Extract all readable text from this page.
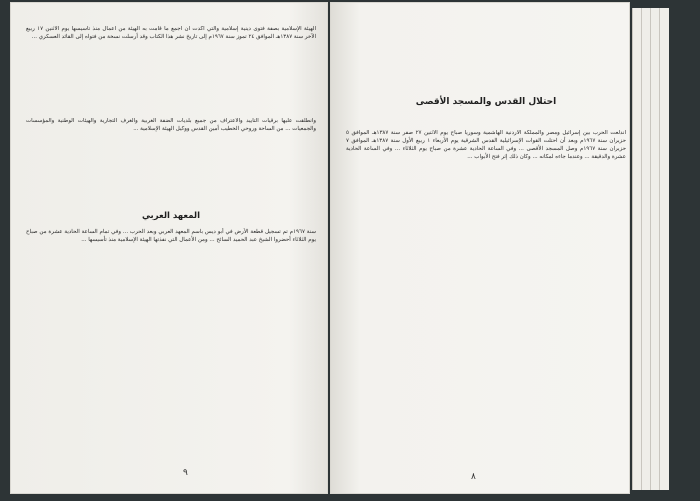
الهيئة الإسلامية بصفة فتوى دينية إسلامية والتي أكدت أن أجمع ما قامت به الهيئة من أعمال منذ تأسيسها يوم الأثنين ١٧ ربيع الآخر سنة ١٣٨٧هـ الموافق ٢٤ تموز سنة ١٩٦٧م إلى تاريخ نشر هذا الكتاب وقد أرسلت نسخة من فتواه إلى القائد العسكري ...

وانطلقت عليها برقيات التأييد والاعتراف من جميع بلديات الضفة الغربية والغرف التجارية والهيئات الوطنية والمؤسسات والجمعيات ... من الساحة وروحي الخطيب أمين القدس ووكيل الهيئة الإسلامية ...

المعهد العربي

سنة ١٩٦٧م تم تسجيل قطعة الأرض في أبو ديس باسم المعهد العربي وبعد الحرب ... وفي تمام الساعة الحادية عشرة من صباح يوم الثلاثاء أحضروا الشيخ عبد الحميد السائح ... ومن الأعمال التي نفذتها الهيئة الإسلامية منذ تأسيسها ...

٩
احتلال القدس والمسجد الأقصى

اندلعت الحرب بين إسرائيل ومصر والمملكة الأردنية الهاشمية وسوريا صباح يوم الأثنين ٢٧ صفر سنة ١٣٨٧هـ الموافق ٥ حزيران سنة ١٩٦٧م وبعد أن احتلت القوات الإسرائيلية القدس الشرقية يوم الأربعاء ١ ربيع الأول سنة ١٣٨٧هـ الموافق ٧ حزيران سنة ١٩٦٧م وصل المسجد الأقصى ... وفي الساعة الحادية عشرة من صباح يوم الثلاثاء ... وفي الساعة الحادية عشرة والدقيقة ... وعندما جاءه لمكانه ... وكان ذلك إثر فتح الأبواب ...

٨
